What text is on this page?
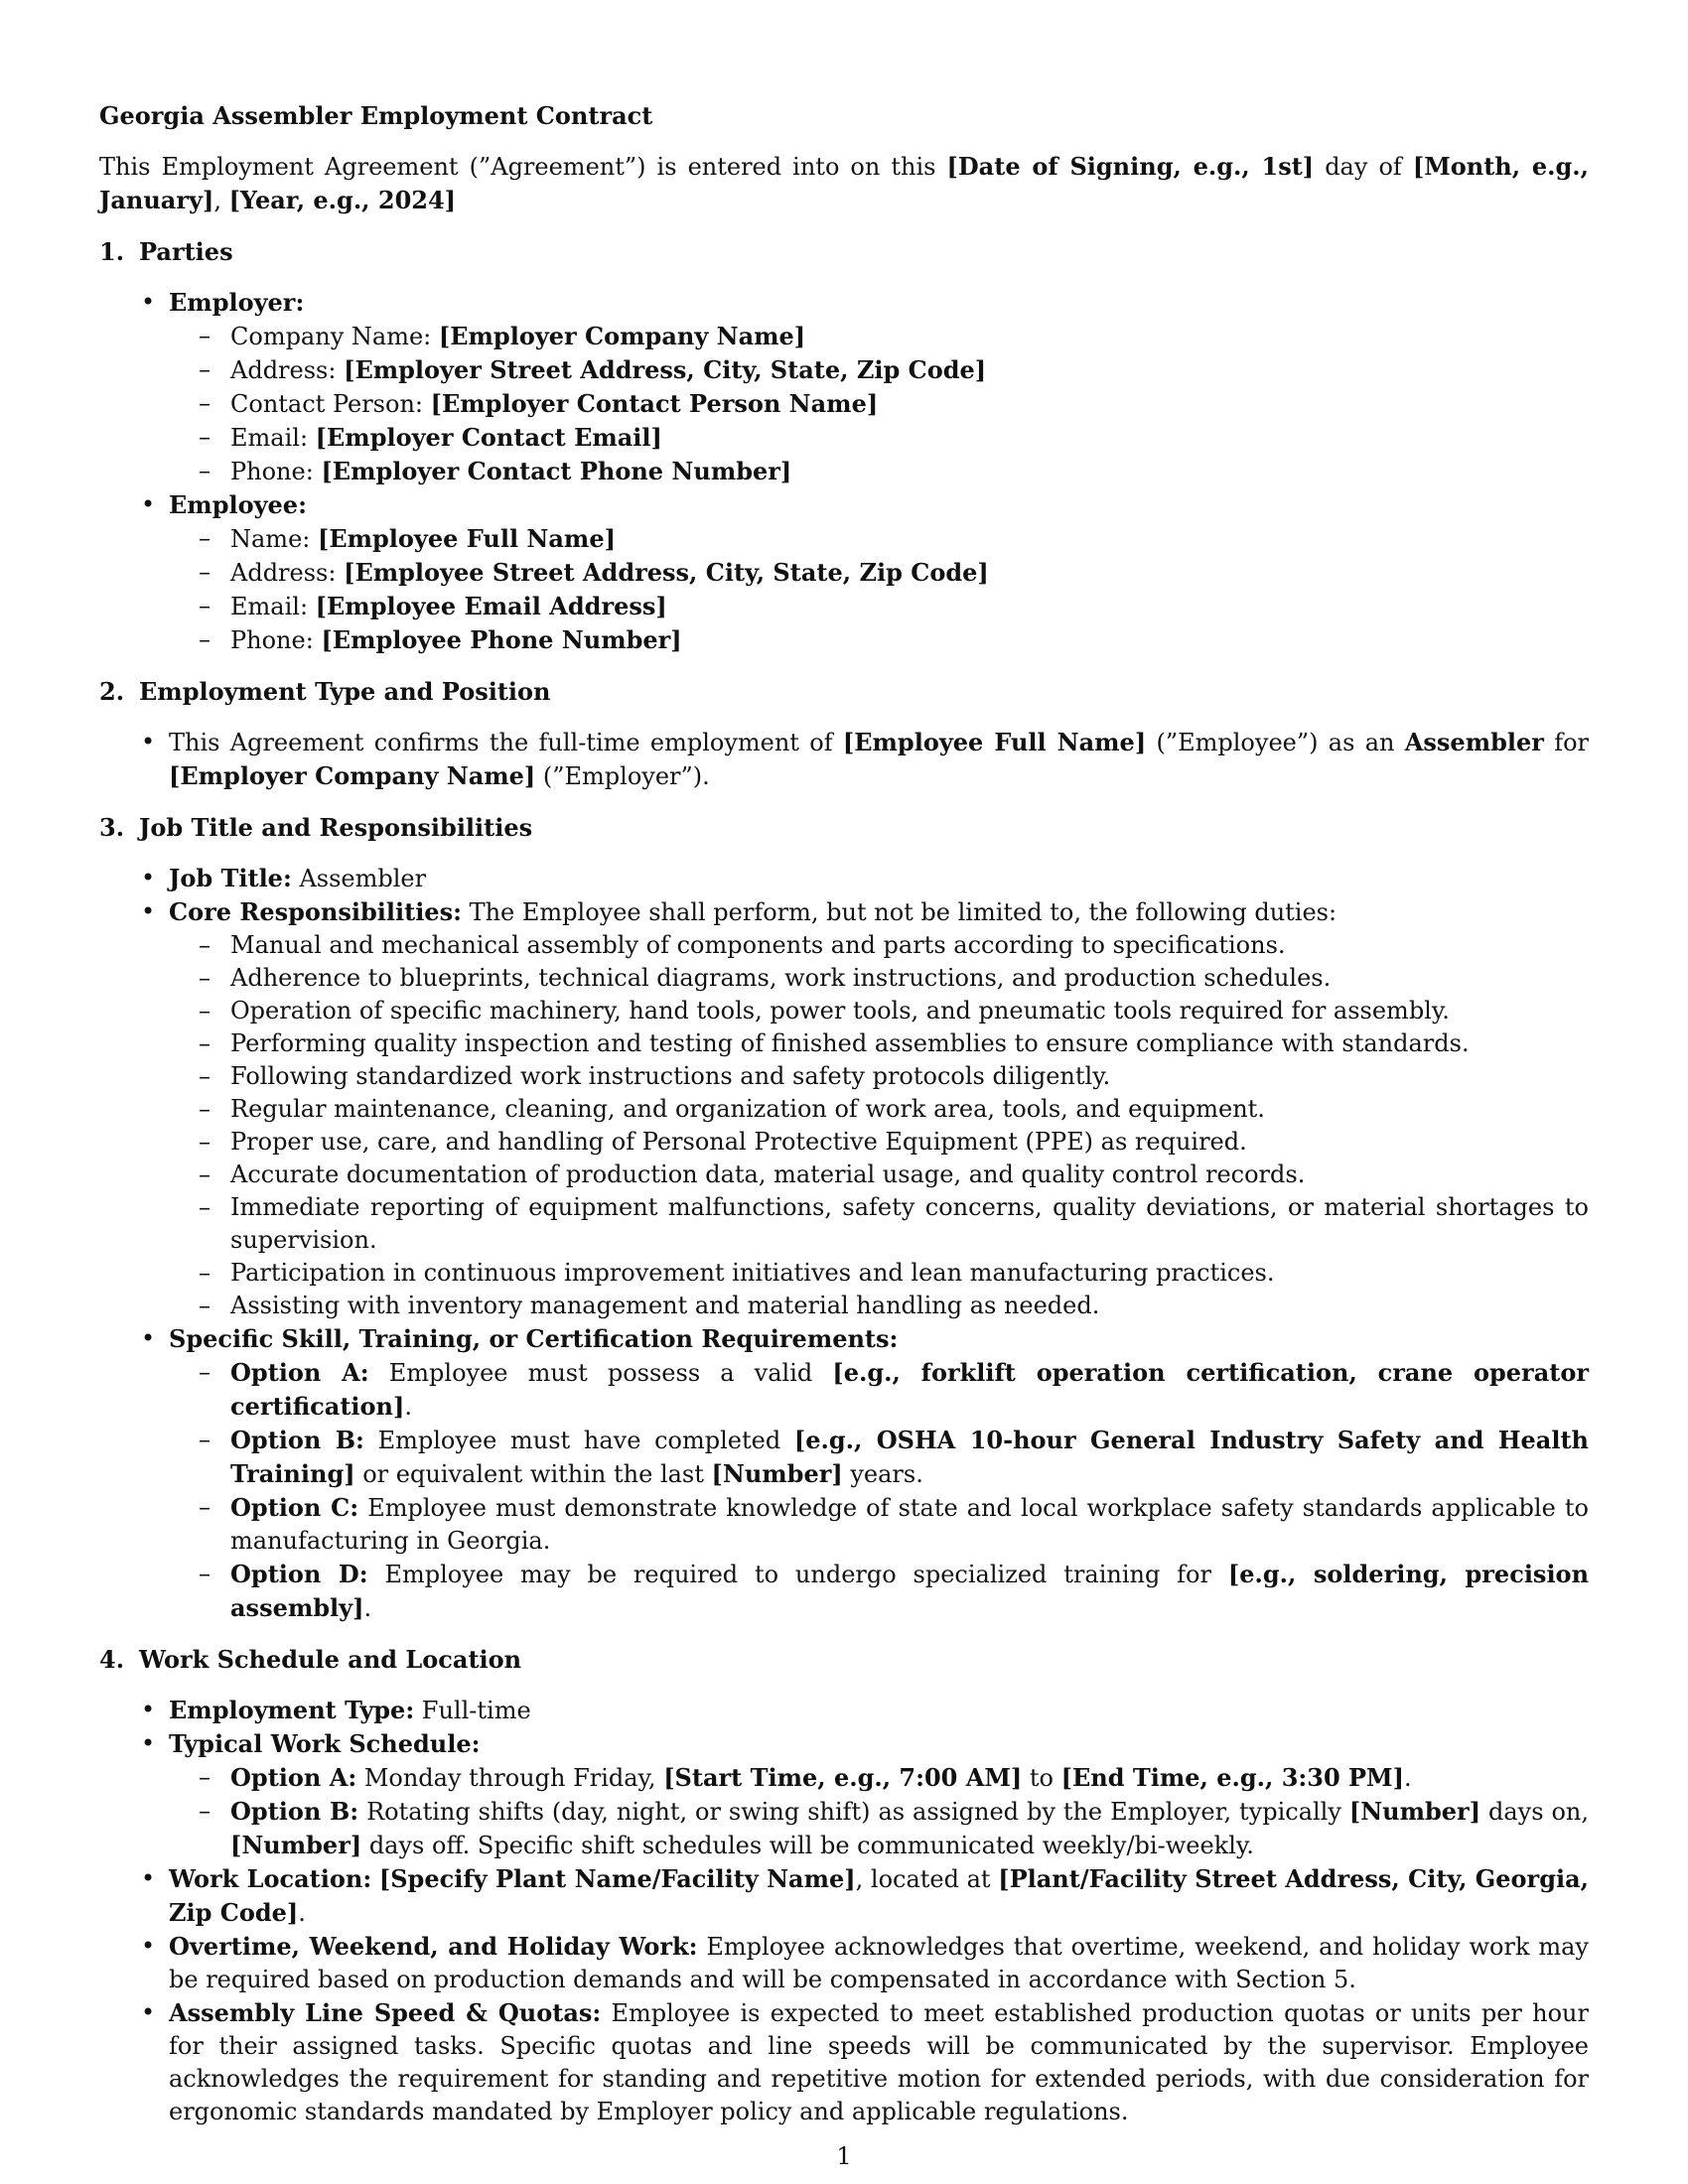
Georgia Assembler Employment Contract

This Employment Agreement (”Agreement”) is entered into on this [Date of Signing, e.g., 1st] day of [Month, e.g., January], [Year, e.g., 2024]

1. Parties
• Employer:
– Company Name: [Employer Company Name]
– Address: [Employer Street Address, City, State, Zip Code]
– Contact Person: [Employer Contact Person Name]
– Email: [Employer Contact Email]
– Phone: [Employer Contact Phone Number]
• Employee:
– Name: [Employee Full Name]
– Address: [Employee Street Address, City, State, Zip Code]
– Email: [Employee Email Address]
– Phone: [Employee Phone Number]
2. Employment Type and Position
• This Agreement confirms the full-time employment of [Employee Full Name] (”Employee”) as an Assembler for [Employer Company Name] (”Employer”).
3. Job Title and Responsibilities
• Job Title: Assembler
• Core Responsibilities: The Employee shall perform, but not be limited to, the following duties:
– Manual and mechanical assembly of components and parts according to specifications.
– Adherence to blueprints, technical diagrams, work instructions, and production schedules.
– Operation of specific machinery, hand tools, power tools, and pneumatic tools required for assembly.
– Performing quality inspection and testing of finished assemblies to ensure compliance with standards.
– Following standardized work instructions and safety protocols diligently.
– Regular maintenance, cleaning, and organization of work area, tools, and equipment.
– Proper use, care, and handling of Personal Protective Equipment (PPE) as required.
– Accurate documentation of production data, material usage, and quality control records.
– Immediate reporting of equipment malfunctions, safety concerns, quality deviations, or material shortages to supervision.
– Participation in continuous improvement initiatives and lean manufacturing practices.
– Assisting with inventory management and material handling as needed.
• Specific Skill, Training, or Certification Requirements:
– Option A: Employee must possess a valid [e.g., forklift operation certification, crane operator certification].
– Option B: Employee must have completed [e.g., OSHA 10-hour General Industry Safety and Health Training] or equivalent within the last [Number] years.
– Option C: Employee must demonstrate knowledge of state and local workplace safety standards applicable to manufacturing in Georgia.
– Option D: Employee may be required to undergo specialized training for [e.g., soldering, precision assembly].
4. Work Schedule and Location
• Employment Type: Full-time
• Typical Work Schedule:
– Option A: Monday through Friday, [Start Time, e.g., 7:00 AM] to [End Time, e.g., 3:30 PM].
– Option B: Rotating shifts (day, night, or swing shift) as assigned by the Employer, typically [Number] days on, [Number] days off. Specific shift schedules will be communicated weekly/bi-weekly.
• Work Location: [Specify Plant Name/Facility Name], located at [Plant/Facility Street Address, City, Georgia, Zip Code].
• Overtime, Weekend, and Holiday Work: Employee acknowledges that overtime, weekend, and holiday work may be required based on production demands and will be compensated in accordance with Section 5.
• Assembly Line Speed & Quotas: Employee is expected to meet established production quotas or units per hour for their assigned tasks. Specific quotas and line speeds will be communicated by the supervisor. Employee acknowledges the requirement for standing and repetitive motion for extended periods, with due consideration for ergonomic standards mandated by Employer policy and applicable regulations.
1
